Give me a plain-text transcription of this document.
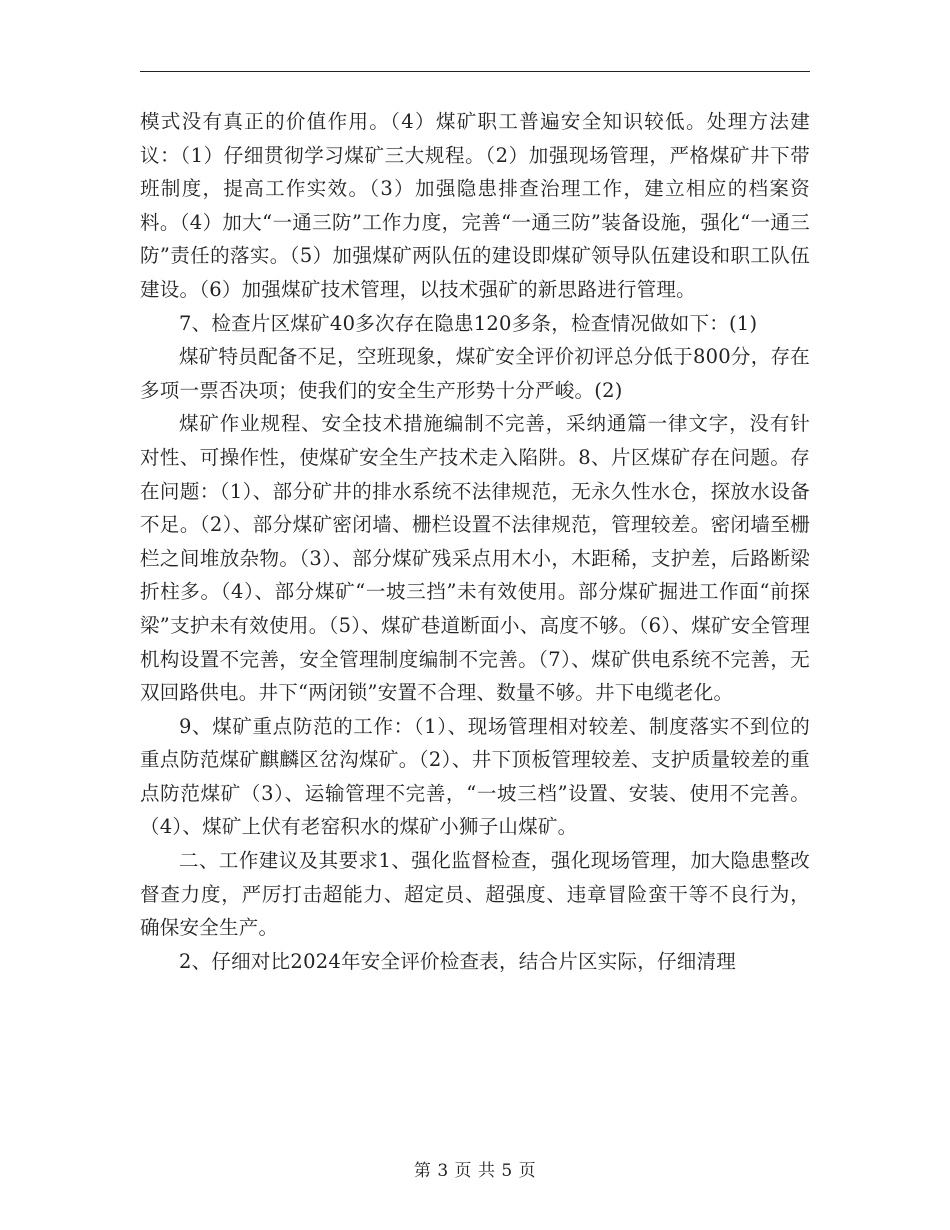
模式没有真正的价值作用。（4）煤矿职工普遍安全知识较低。处理方法建议：（1）仔细贯彻学习煤矿三大规程。（2）加强现场管理，严格煤矿井下带班制度，提高工作实效。（3）加强隐患排查治理工作，建立相应的档案资料。（4）加大“一通三防”工作力度，完善“一通三防”装备设施，强化“一通三防”责任的落实。（5）加强煤矿两队伍的建设即煤矿领导队伍建设和职工队伍建设。（6）加强煤矿技术管理，以技术强矿的新思路进行管理。

7、检查片区煤矿40多次存在隐患120多条，检查情况做如下：(1)

煤矿特员配备不足，空班现象，煤矿安全评价初评总分低于800分，存在多项一票否决项；使我们的安全生产形势十分严峻。(2)

煤矿作业规程、安全技术措施编制不完善，采纳通篇一律文字，没有针对性、可操作性，使煤矿安全生产技术走入陷阱。8、片区煤矿存在问题。存在问题：（1）、部分矿井的排水系统不法律规范，无永久性水仓，探放水设备不足。（2）、部分煤矿密闭墙、栅栏设置不法律规范，管理较差。密闭墙至栅栏之间堆放杂物。（3）、部分煤矿残采点用木小，木距稀，支护差，后路断梁折柱多。（4）、部分煤矿“一坡三挡”未有效使用。部分煤矿掘进工作面“前探梁”支护未有效使用。（5）、煤矿巷道断面小、高度不够。（6）、煤矿安全管理机构设置不完善，安全管理制度编制不完善。（7）、煤矿供电系统不完善，无双回路供电。井下“两闭锁”安置不合理、数量不够。井下电缆老化。

9、煤矿重点防范的工作：（1）、现场管理相对较差、制度落实不到位的重点防范煤矿麒麟区岔沟煤矿。（2）、井下顶板管理较差、支护质量较差的重点防范煤矿（3）、运输管理不完善，“一坡三档”设置、安装、使用不完善。（4）、煤矿上伏有老窑积水的煤矿小狮子山煤矿。

二、工作建议及其要求1、强化监督检查，强化现场管理，加大隐患整改督查力度，严厉打击超能力、超定员、超强度、违章冒险蛮干等不良行为，确保安全生产。

2、仔细对比2024年安全评价检查表，结合片区实际，仔细清理

第 3 页 共 5 页
